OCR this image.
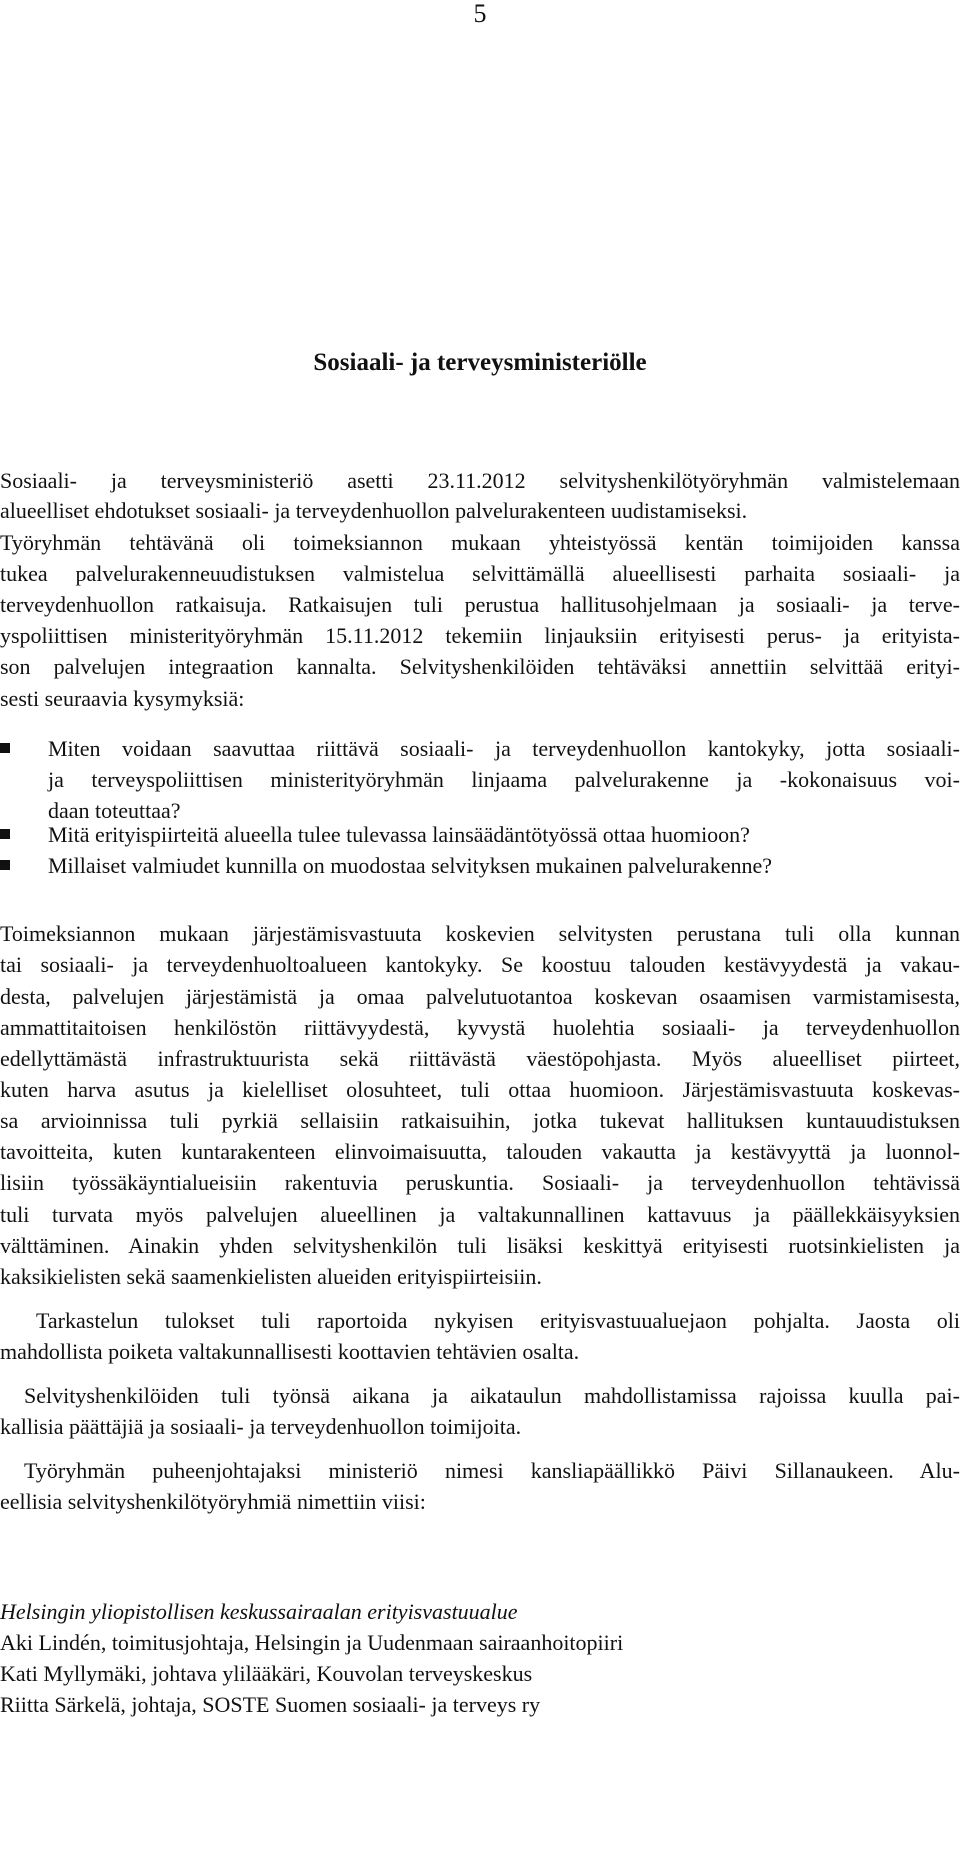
5
Sosiaali- ja terveysministeriölle
Sosiaali- ja terveysministeriö asetti 23.11.2012 selvityshenkilötyöryhmän valmistelemaan
alueelliset ehdotukset sosiaali- ja terveydenhuollon palvelurakenteen uudistamiseksi.
Työryhmän tehtävänä oli toimeksiannon mukaan yhteistyössä kentän toimijoiden kanssa
tukea palvelurakenneuudistuksen valmistelua selvittämällä alueellisesti parhaita sosiaali- ja
terveydenhuollon ratkaisuja. Ratkaisujen tuli perustua hallitusohjelmaan ja sosiaali- ja terve-
yspoliittisen ministerityöryhmän 15.11.2012 tekemiin linjauksiin erityisesti perus- ja erityista-
son palvelujen integraation kannalta. Selvityshenkilöiden tehtäväksi annettiin selvittää erityi-
sesti seuraavia kysymyksiä:
Miten voidaan saavuttaa riittävä sosiaali- ja terveydenhuollon kantokyky, jotta sosiaali-
ja terveyspoliittisen ministerityöryhmän linjaama palvelurakenne ja -kokonaisuus voi-
daan toteuttaa?
Mitä erityispiirteitä alueella tulee tulevassa lainsäädäntötyössä ottaa huomioon?
Millaiset valmiudet kunnilla on muodostaa selvityksen mukainen palvelurakenne?
Toimeksiannon mukaan järjestämisvastuuta koskevien selvitysten perustana tuli olla kunnan
tai sosiaali- ja terveydenhuoltoalueen kantokyky. Se koostuu talouden kestävyydestä ja vakau-
desta, palvelujen järjestämistä ja omaa palvelutuotantoa koskevan osaamisen varmistamisesta,
ammattitaitoisen henkilöstön riittävyydestä, kyvystä huolehtia sosiaali- ja terveydenhuollon
edellyttämästä infrastruktuurista sekä riittävästä väestöpohjasta. Myös alueelliset piirteet,
kuten harva asutus ja kielelliset olosuhteet, tuli ottaa huomioon. Järjestämisvastuuta koskevas-
sa arvioinnissa tuli pyrkiä sellaisiin ratkaisuihin, jotka tukevat hallituksen kuntauudistuksen
tavoitteita, kuten kuntarakenteen elinvoimaisuutta, talouden vakautta ja kestävyyttä ja luonnol-
lisiin työssäkäyntialueisiin rakentuvia peruskuntia. Sosiaali- ja terveydenhuollon tehtävissä
tuli turvata myös palvelujen alueellinen ja valtakunnallinen kattavuus ja päällekkäisyyksien
välttäminen. Ainakin yhden selvityshenkilön tuli lisäksi keskittyä erityisesti ruotsinkielisten ja
kaksikielisten sekä saamenkielisten alueiden erityispiirteisiin.
Tarkastelun tulokset tuli raportoida nykyisen erityisvastuualuejaon pohjalta. Jaosta oli
mahdollista poiketa valtakunnallisesti koottavien tehtävien osalta.
Selvityshenkilöiden tuli työnsä aikana ja aikataulun mahdollistamissa rajoissa kuulla pai-
kallisia päättäjiä ja sosiaali- ja terveydenhuollon toimijoita.
Työryhmän puheenjohtajaksi ministeriö nimesi kansliapäällikkö Päivi Sillanaukeen. Alu-
eellisia selvityshenkilötyöryhmiä nimettiin viisi:
Helsingin yliopistollisen keskussairaalan erityisvastuualue
Aki Lindén, toimitusjohtaja, Helsingin ja Uudenmaan sairaanhoitopiiri
Kati Myllymäki, johtava ylilääkäri, Kouvolan terveyskeskus
Riitta Särkelä, johtaja, SOSTE Suomen sosiaali- ja terveys ry
